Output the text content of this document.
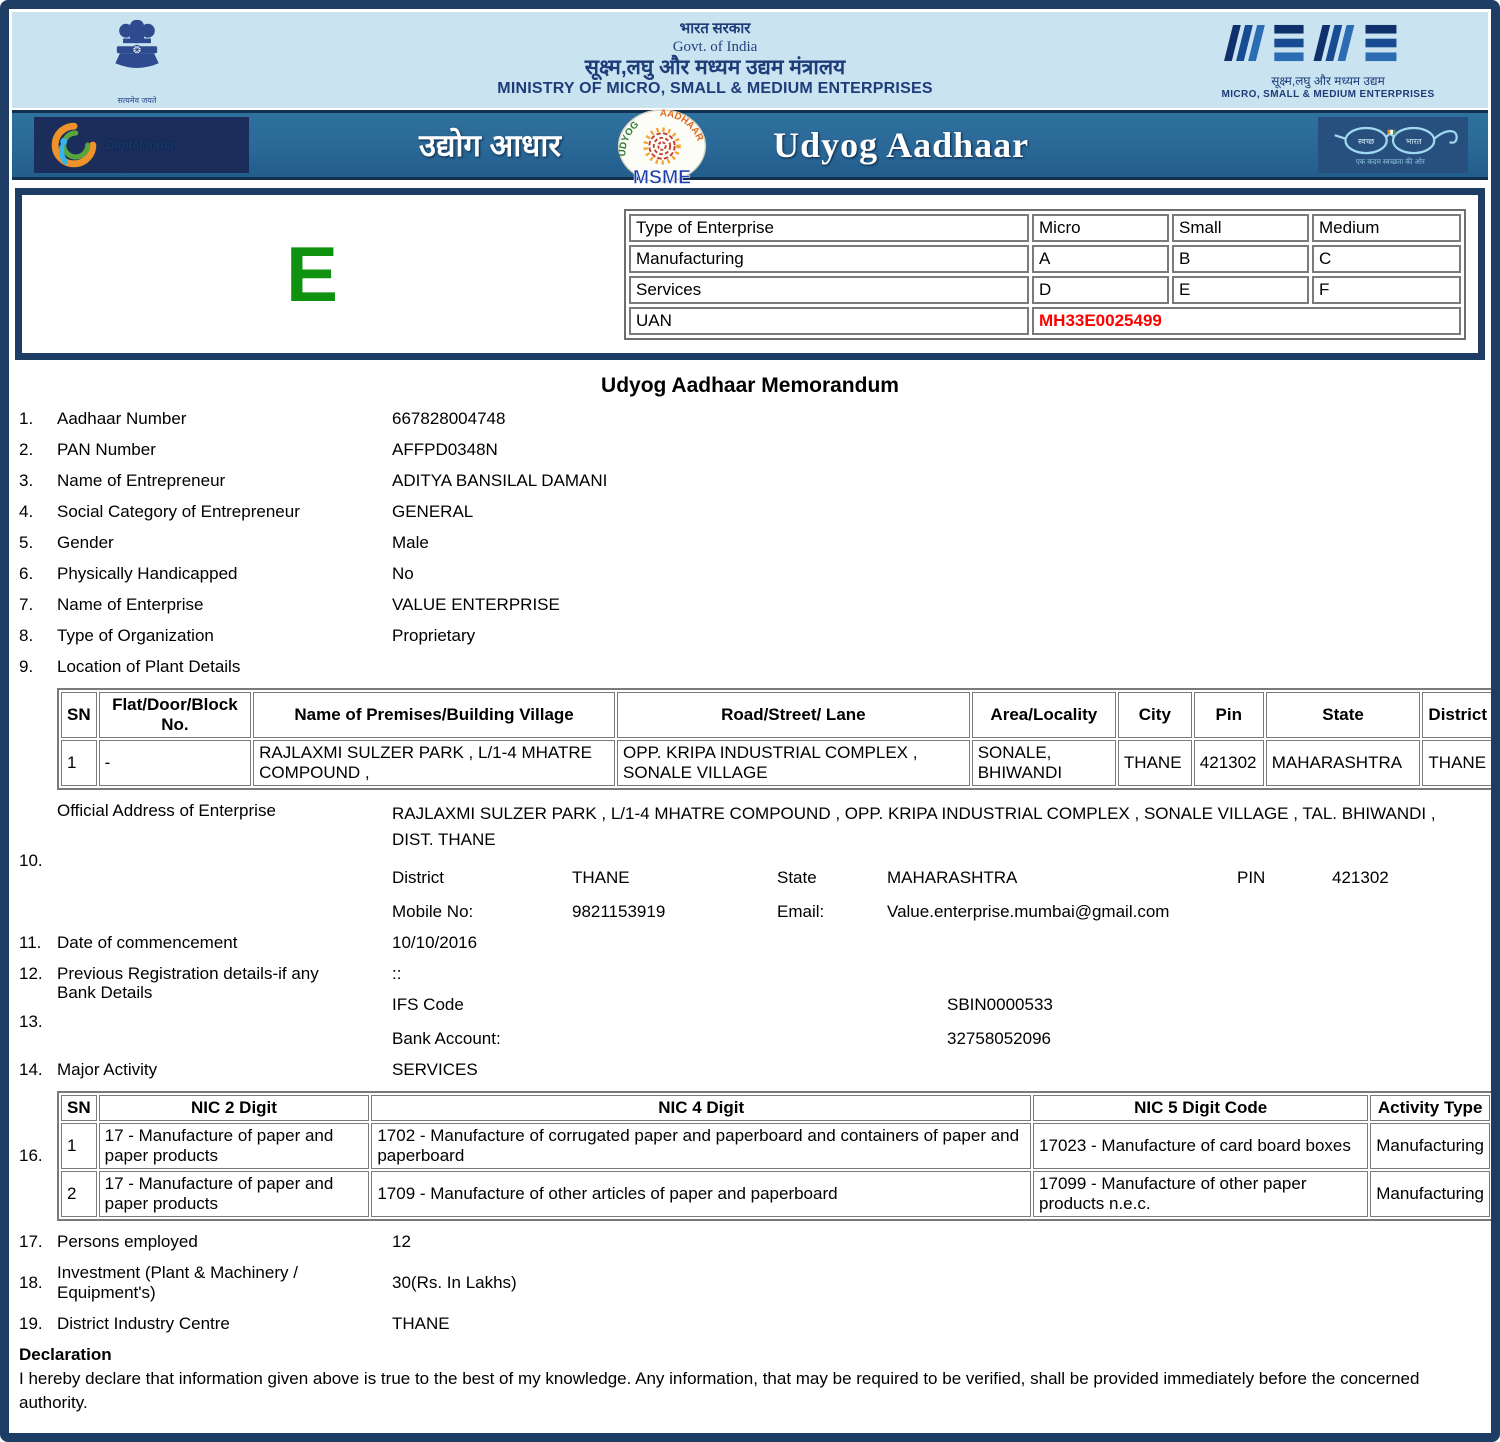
सत्यमेव जयते
भारत सरकार
Govt. of India
सूक्ष्म,लघु और मध्यम उद्यम मंत्रालय
MINISTRY OF MICRO, SMALL & MEDIUM ENTERPRISES	सूक्ष्म,लघु और मध्यम उद्यम
MICRO, SMALL & MEDIUM ENTERPRISES
Digital India	उद्योग आधार	UDYOG
AADHAAR
MSME
Udyog Aadhaar	स्वच्छ	भारत
एक कदम स्वच्छता की ओर
E
Type of Enterprise	Micro	Small	Medium
Manufacturing	A	B	C
Services	D	E	F
UAN	MH33E0025499		
Udyog Aadhaar Memorandum
1.	Aadhaar Number	667828004748
2.	PAN Number	AFFPD0348N
3.	Name of Entrepreneur	ADITYA BANSILAL DAMANI
4.	Social Category of Entrepreneur	GENERAL
5.	Gender	Male
6.	Physically Handicapped	No
7.	Name of Enterprise	VALUE ENTERPRISE
8.	Type of Organization	Proprietary
9.	Location of Plant Details
SN	Flat/Door/Block No.	Name of Premises/Building Village	Road/Street/ Lane	Area/Locality	City	Pin	State	District
1	-	RAJLAXMI SULZER PARK , L/1-4 MHATRE COMPOUND ,	OPP. KRIPA INDUSTRIAL COMPLEX , SONALE VILLAGE	SONALE, BHIWANDI	THANE	421302	MAHARASHTRA	THANE
10.
Official Address of Enterprise	RAJLAXMI SULZER PARK , L/1-4 MHATRE COMPOUND , OPP. KRIPA INDUSTRIAL COMPLEX , SONALE VILLAGE , TAL. BHIWANDI , DIST. THANE
District	THANE	State	MAHARASHTRA	PIN	421302
Mobile No:	9821153919	Email:	Value.enterprise.mumbai@gmail.com
11. Date of commencement	10/10/2016
12. Previous Registration details-if any	::
13.
Bank Details
IFS Code	SBIN0000533
Bank Account:	32758052096
14. Major Activity	SERVICES
16.
SN	NIC 2 Digit	NIC 4 Digit	NIC 5 Digit Code	Activity Type
1	17 - Manufacture of paper and paper products	1702 - Manufacture of corrugated paper and paperboard and containers of paper and paperboard	17023 - Manufacture of card board boxes	Manufacturing
2	17 - Manufacture of paper and paper products	1709 - Manufacture of other articles of paper and paperboard	17099 - Manufacture of other paper products n.e.c.	Manufacturing
17. Persons employed	12
18.
Investment (Plant & Machinery / Equipment's)
30(Rs. In Lakhs)
19. District Industry Centre	THANE
Declaration
I hereby declare that information given above is true to the best of my knowledge. Any information, that may be required to be verified, shall be provided immediately before the concerned authority.
MyMsme Mobile App (Beta Version) is available now for download. https://play.google.com/store/apps/details?id=msme.mymsme
